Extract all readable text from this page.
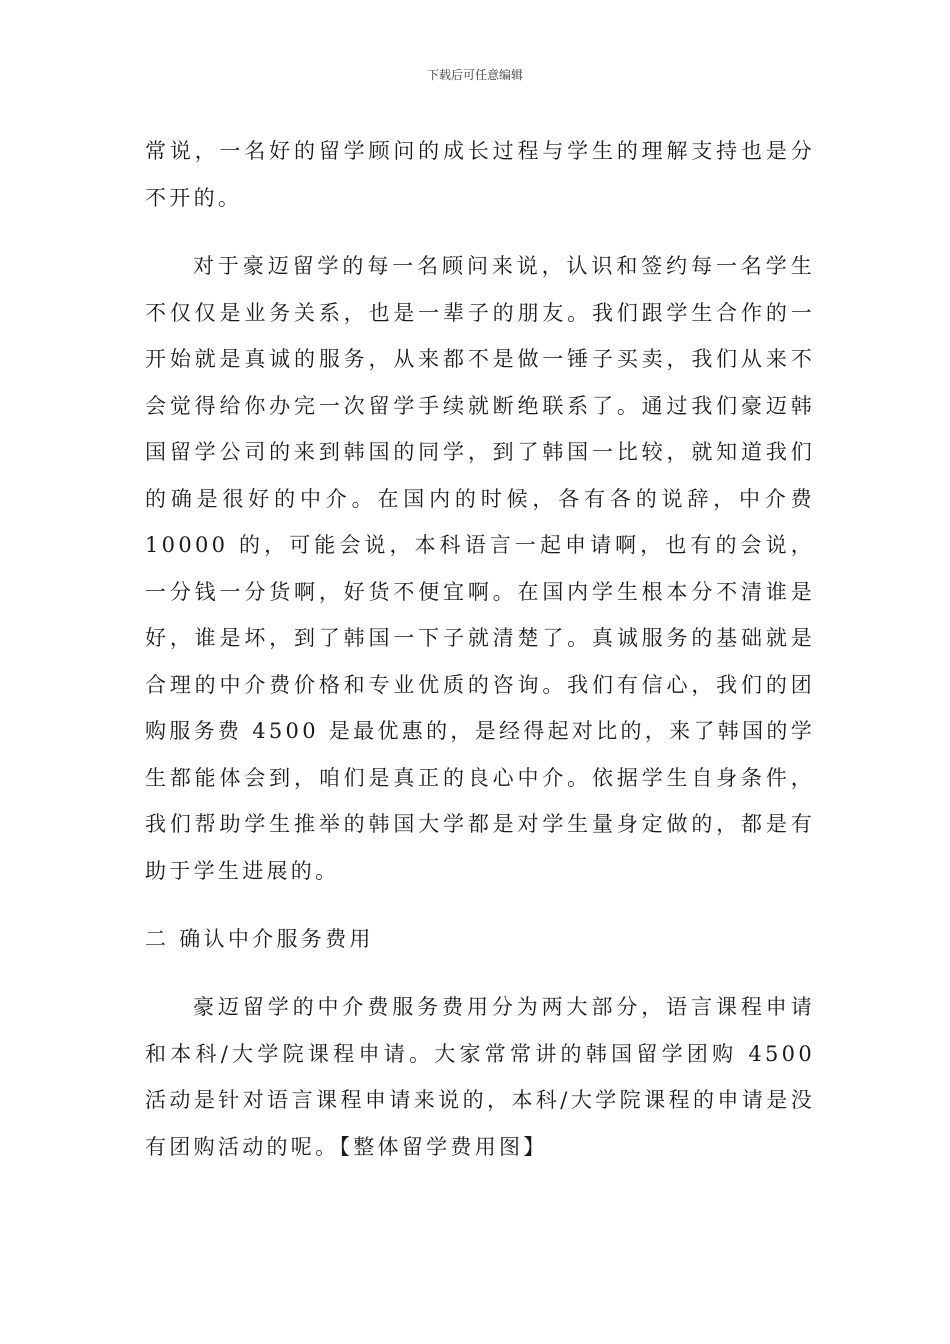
下载后可任意编辑

常说，一名好的留学顾问的成长过程与学生的理解支持也是分不开的。

对于豪迈留学的每一名顾问来说，认识和签约每一名学生不仅仅是业务关系，也是一辈子的朋友。我们跟学生合作的一开始就是真诚的服务，从来都不是做一锤子买卖，我们从来不会觉得给你办完一次留学手续就断绝联系了。通过我们豪迈韩国留学公司的来到韩国的同学，到了韩国一比较，就知道我们的确是很好的中介。在国内的时候，各有各的说辞，中介费 10000 的，可能会说，本科语言一起申请啊，也有的会说，一分钱一分货啊，好货不便宜啊。在国内学生根本分不清谁是好，谁是坏，到了韩国一下子就清楚了。真诚服务的基础就是合理的中介费价格和专业优质的咨询。我们有信心，我们的团购服务费 4500 是最优惠的，是经得起对比的，来了韩国的学生都能体会到，咱们是真正的良心中介。依据学生自身条件，我们帮助学生推举的韩国大学都是对学生量身定做的，都是有助于学生进展的。

二 确认中介服务费用

豪迈留学的中介费服务费用分为两大部分，语言课程申请和本科/大学院课程申请。大家常常讲的韩国留学团购 4500 活动是针对语言课程申请来说的，本科/大学院课程的申请是没有团购活动的呢。【整体留学费用图】
